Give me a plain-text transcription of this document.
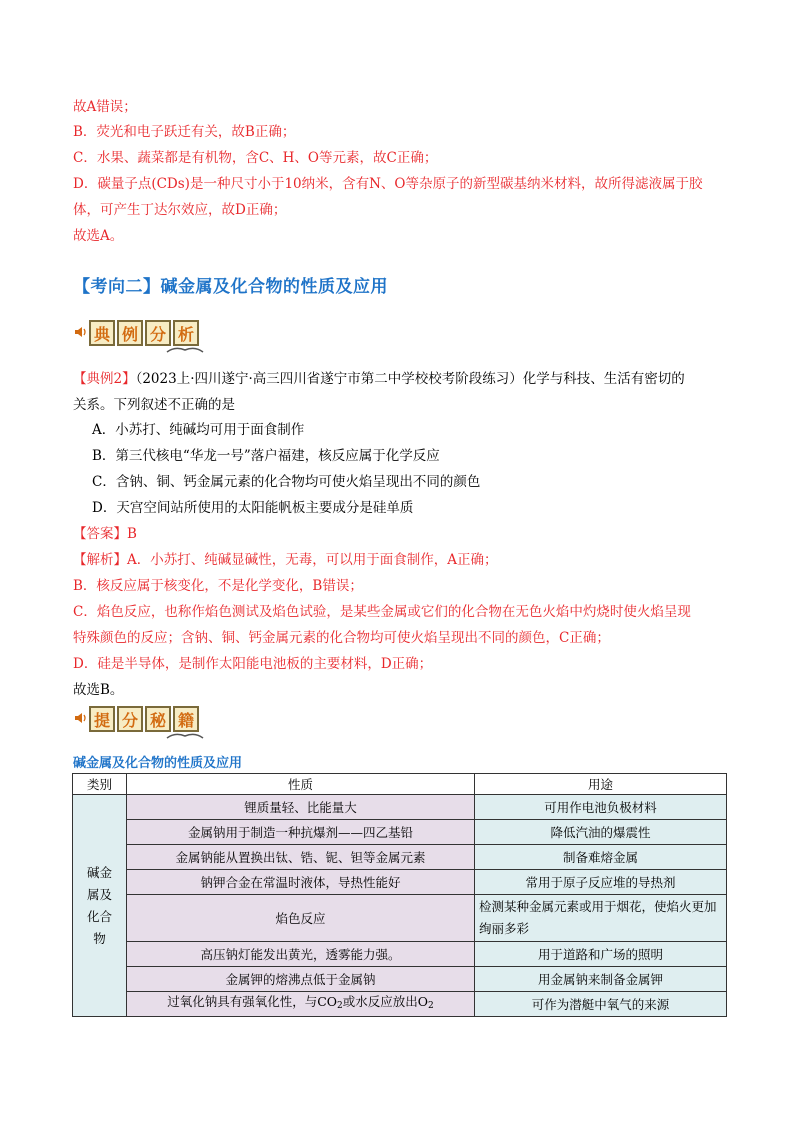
故A错误；
B．荧光和电子跃迁有关，故B正确；
C．水果、蔬菜都是有机物，含C、H、O等元素，故C正确；
D．碳量子点(CDs)是一种尺寸小于10纳米，含有N、O等杂原子的新型碳基纳米材料，故所得滤液属于胶
体，可产生丁达尔效应，故D正确；
故选A。
【考向二】碱金属及化合物的性质及应用
典 例 分 析
【典例2】（2023上·四川遂宁·高三四川省遂宁市第二中学校校考阶段练习）化学与科技、生活有密切的
关系。下列叙述不正确的是
A．小苏打、纯碱均可用于面食制作
B．第三代核电“华龙一号”落户福建，核反应属于化学反应
C．含钠、铜、钙金属元素的化合物均可使火焰呈现出不同的颜色
D．天宫空间站所使用的太阳能帆板主要成分是硅单质
【答案】B
【解析】A．小苏打、纯碱显碱性，无毒，可以用于面食制作，A正确；
B．核反应属于核变化，不是化学变化，B错误；
C．焰色反应，也称作焰色测试及焰色试验，是某些金属或它们的化合物在无色火焰中灼烧时使火焰呈现
特殊颜色的反应；含钠、铜、钙金属元素的化合物均可使火焰呈现出不同的颜色，C正确；
D．硅是半导体，是制作太阳能电池板的主要材料，D正确；
故选B。
提 分 秘 籍
碱金属及化合物的性质及应用
类别	性质	用途
碱金
属及
化合
物	锂质量轻、比能量大	可用作电池负极材料
	金属钠用于制造一种抗爆剂——四乙基铅	降低汽油的爆震性
	金属钠能从置换出钛、锆、铌、钽等金属元素	制备难熔金属
	钠钾合金在常温时液体，导热性能好	常用于原子反应堆的导热剂
	焰色反应	检测某种金属元素或用于烟花，使焰火更加绚丽多彩
	高压钠灯能发出黄光，透雾能力强。	用于道路和广场的照明
	金属钾的熔沸点低于金属钠	用金属钠来制备金属钾
	过氧化钠具有强氧化性，与$CO_2$或水反应放出$O_2$	可作为潜艇中氧气的来源
